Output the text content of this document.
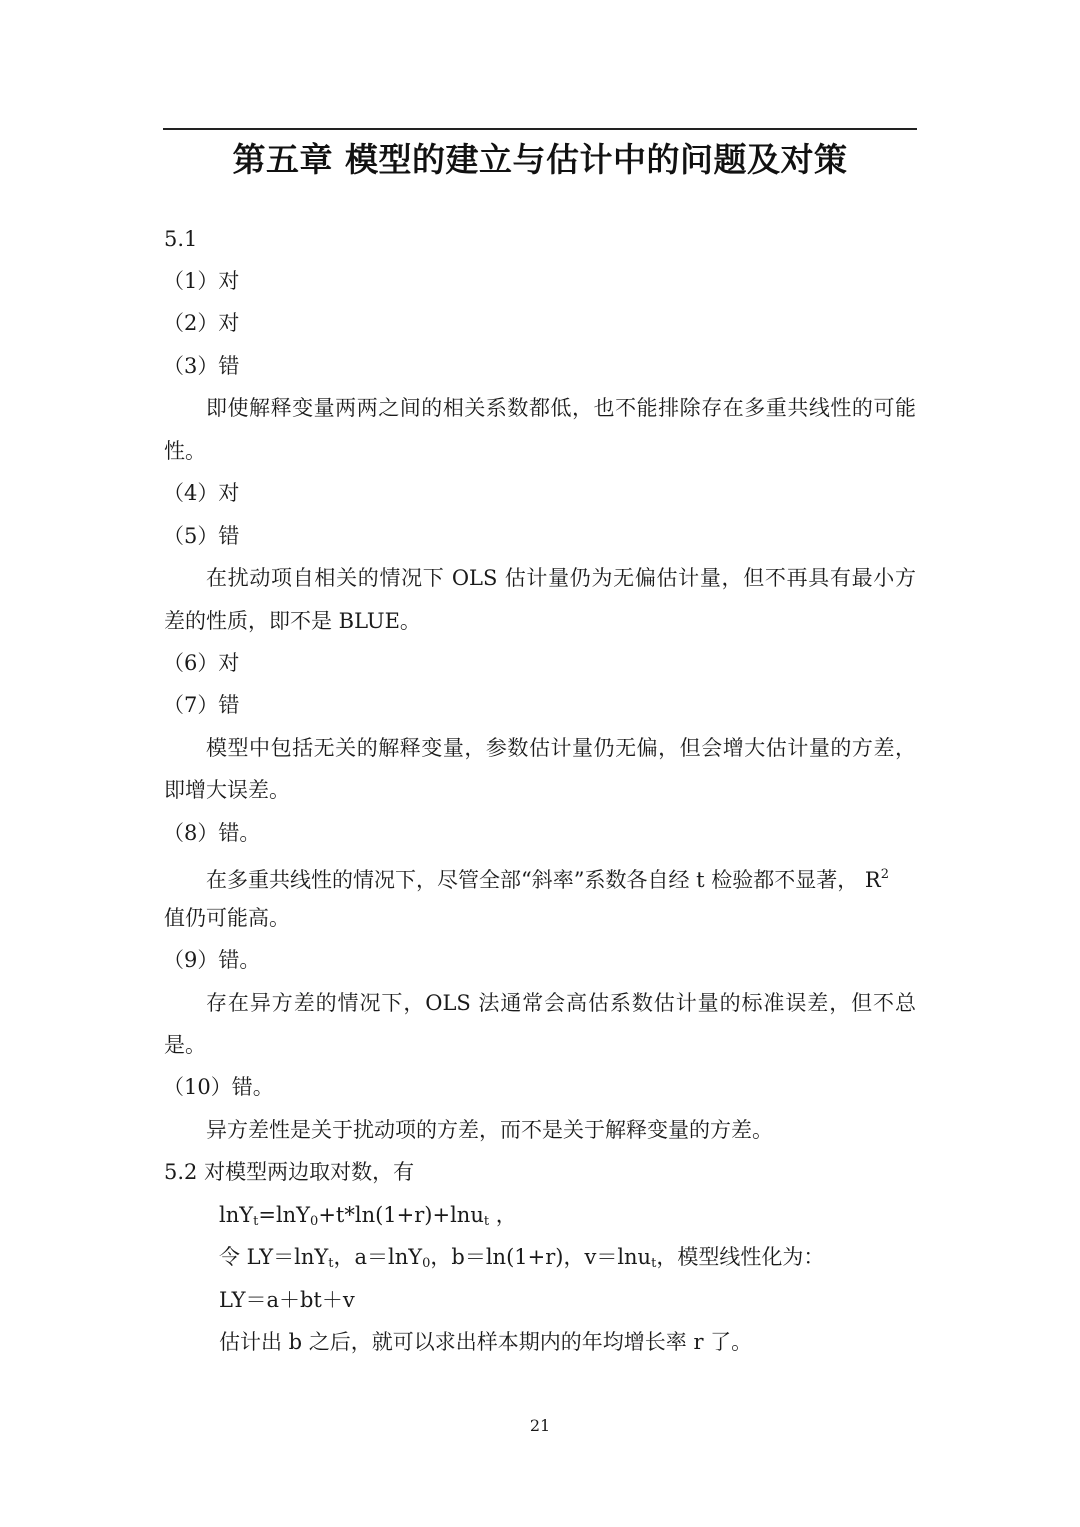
第五章 模型的建立与估计中的问题及对策
5.1
（1）对
（2）对
（3）错
即使解释变量两两之间的相关系数都低，也不能排除存在多重共线性的可能
性。
（4）对
（5）错
在扰动项自相关的情况下 OLS 估计量仍为无偏估计量，但不再具有最小方
差的性质，即不是 BLUE。
（6）对
（7）错
模型中包括无关的解释变量，参数估计量仍无偏，但会增大估计量的方差，
即增大误差。
（8）错。
在多重共线性的情况下，尽管全部“斜率”系数各自经 t 检验都不显著， $R^2$
值仍可能高。
（9）错。
存在异方差的情况下，OLS 法通常会高估系数估计量的标准误差，但不总
是。
（10）错。
异方差性是关于扰动项的方差，而不是关于解释变量的方差。
5.2 对模型两边取对数，有
lnY$_t$=lnY$_0$+t*ln(1+r)+lnu$_t$ ，
令 LY＝lnY$_t$，a＝lnY$_0$，b＝ln(1+r)，v＝lnu$_t$，模型线性化为：
LY＝a＋bt＋v
估计出 b 之后，就可以求出样本期内的年均增长率 r 了。
21
